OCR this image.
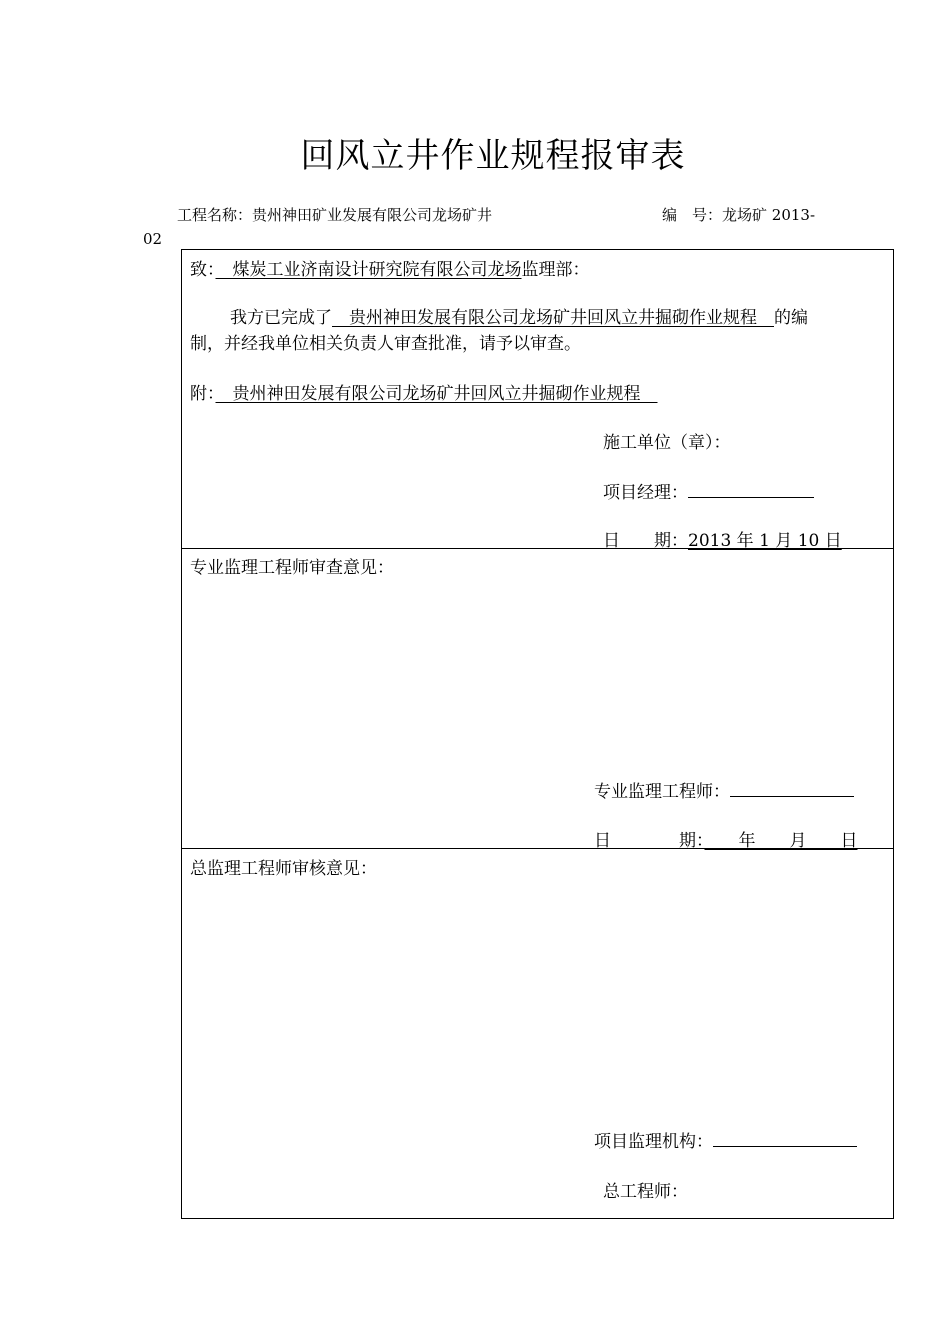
回风立井作业规程报审表
工程名称：贵州神田矿业发展有限公司龙场矿井	编　号：龙场矿 2013-
02
致：　煤炭工业济南设计研究院有限公司龙场监理部：
我方已完成了　贵州神田发展有限公司龙场矿井回风立井掘砌作业规程　的编
制，并经我单位相关负责人审查批准，请予以审查。
附：　贵州神田发展有限公司龙场矿井回风立井掘砌作业规程　
施工单位（章）：
项目经理：
日　　期：2013 年 1 月 10 日
专业监理工程师审查意见：
专业监理工程师：
日　　　　期：　　年　　月　　日
总监理工程师审核意见：
项目监理机构：
总工程师：
